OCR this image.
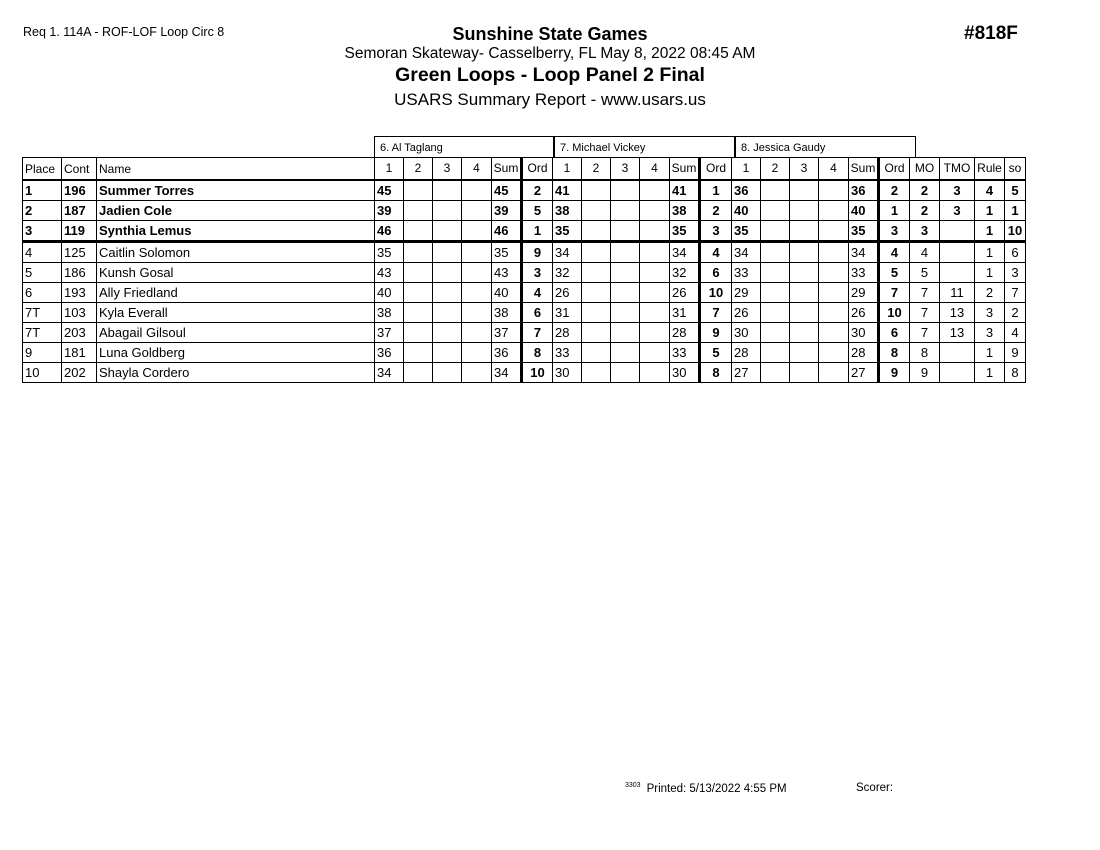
Req 1. 114A - ROF-LOF Loop Circ 8	#818F
Sunshine State Games
Semoran Skateway- Casselberry, FL May 8, 2022 08:45 AM
Green Loops - Loop Panel 2 Final
USARS Summary Report - www.usars.us
6. Al Taglang	7. Michael Vickey	8. Jessica Gaudy
Place	Cont	Name	1	2	3	4	Sum	Ord	1	2	3	4	Sum	Ord	1	2	3	4	Sum	Ord	MO	TMO	Rule	so
1	196	Summer Torres	45				45	2	41				41	1	36				36	2	2	3	4	5
2	187	Jadien Cole	39				39	5	38				38	2	40				40	1	2	3	1	1
3	119	Synthia Lemus	46				46	1	35				35	3	35				35	3	3		1	10
4	125	Caitlin Solomon	35				35	9	34				34	4	34				34	4	4		1	6
5	186	Kunsh Gosal	43				43	3	32				32	6	33				33	5	5		1	3
6	193	Ally Friedland	40				40	4	26				26	10	29				29	7	7	11	2	7
7T	103	Kyla Everall	38				38	6	31				31	7	26				26	10	7	13	3	2
7T	203	Abagail Gilsoul	37				37	7	28				28	9	30				30	6	7	13	3	4
9	181	Luna Goldberg	36				36	8	33				33	5	28				28	8	8		1	9
10	202	Shayla Cordero	34				34	10	30				30	8	27				27	9	9		1	8
$^{3303}$ Printed: 5/13/2022 4:55 PM	Scorer:
